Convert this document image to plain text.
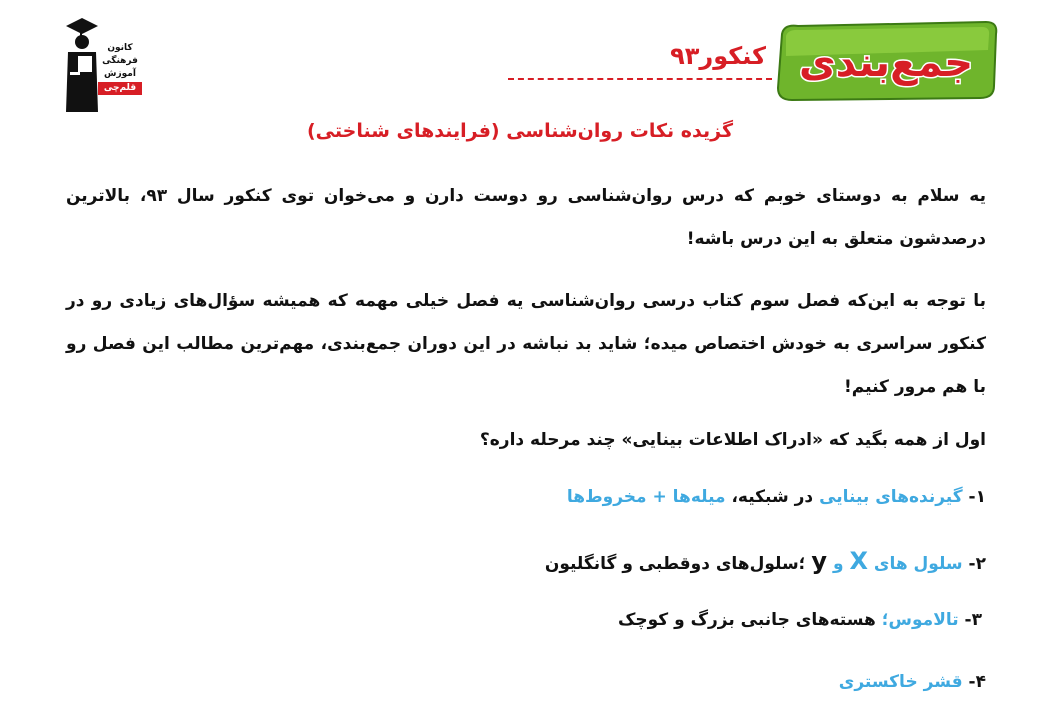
کانون
فرهنگی
آموزش
قلم‌چی
جمع‌بندی
کنکور۹۳
گزیده نکات روان‌شناسی (فرایندهای شناختی)
یه سلام به دوستای خوبم که درس روان‌شناسی رو دوست دارن و می‌خوان توی کنکور سال ۹۳، بالاترین درصدشون متعلق به این درس باشه!
با توجه به این‌که فصل سوم کتاب درسی روان‌شناسی یه فصل خیلی مهمه که همیشه سؤال‌های زیادی رو در کنکور سراسری به خودش اختصاص میده؛ شاید بد نباشه در این دوران جمع‌بندی، مهم‌ترین مطالب این فصل رو با هم مرور کنیم!
اول از همه بگید که «ادراک اطلاعات بینایی» چند مرحله داره؟
۱- گیرنده‌های بینایی در شبکیه، میله‌ها + مخروط‌ها
۲- سلول های X و y ؛سلول‌های دوقطبی و گانگلیون
۳- تالاموس؛ هسته‌های جانبی بزرگ و کوچک
۴- قشر خاکستری
